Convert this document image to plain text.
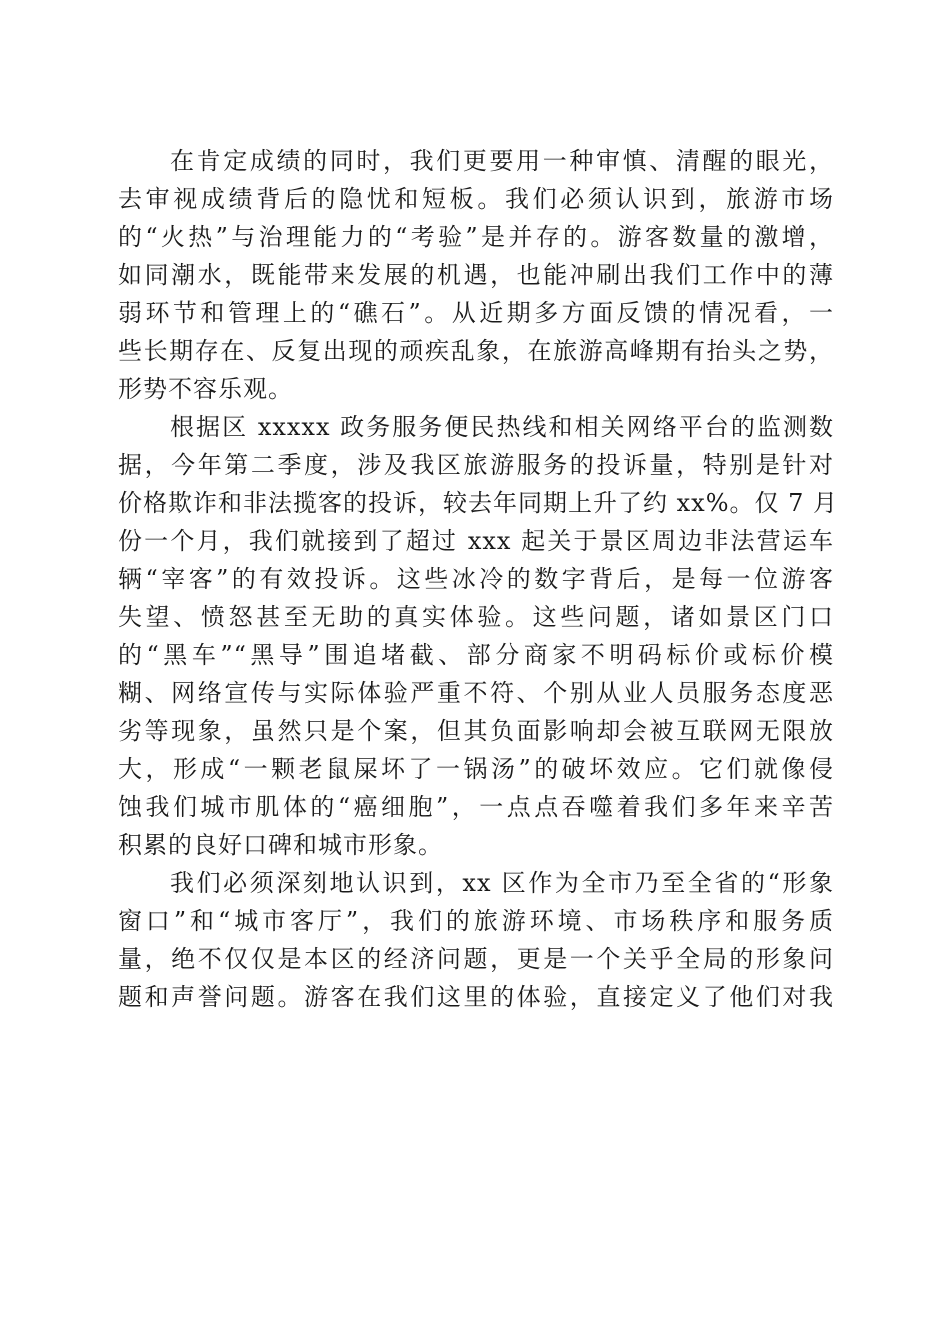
在肯定成绩的同时，我们更要用一种审慎、清醒的眼光，
去审视成绩背后的隐忧和短板。我们必须认识到，旅游市场
的“火热”与治理能力的“考验”是并存的。游客数量的激增，
如同潮水，既能带来发展的机遇，也能冲刷出我们工作中的薄
弱环节和管理上的“礁石”。从近期多方面反馈的情况看，一
些长期存在、反复出现的顽疾乱象，在旅游高峰期有抬头之势，
形势不容乐观。
根据区 xxxxx 政务服务便民热线和相关网络平台的监测数
据，今年第二季度，涉及我区旅游服务的投诉量，特别是针对
价格欺诈和非法揽客的投诉，较去年同期上升了约 xx%。仅 7 月
份一个月，我们就接到了超过 xxx 起关于景区周边非法营运车
辆“宰客”的有效投诉。这些冰冷的数字背后，是每一位游客
失望、愤怒甚至无助的真实体验。这些问题，诸如景区门口
的“黑车”“黑导”围追堵截、部分商家不明码标价或标价模
糊、网络宣传与实际体验严重不符、个别从业人员服务态度恶
劣等现象，虽然只是个案，但其负面影响却会被互联网无限放
大，形成“一颗老鼠屎坏了一锅汤”的破坏效应。它们就像侵
蚀我们城市肌体的“癌细胞”，一点点吞噬着我们多年来辛苦
积累的良好口碑和城市形象。
我们必须深刻地认识到，xx 区作为全市乃至全省的“形象
窗口”和“城市客厅”，我们的旅游环境、市场秩序和服务质
量，绝不仅仅是本区的经济问题，更是一个关乎全局的形象问
题和声誉问题。游客在我们这里的体验，直接定义了他们对我
